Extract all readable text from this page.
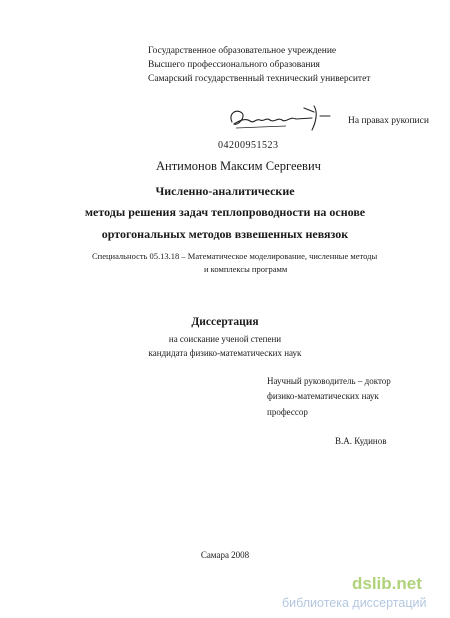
Государственное образовательное учреждение
Высшего профессионального образования
Самарский государственный технический университет
На правах рукописи
04200951523
Антимонов Максим Сергеевич
Численно-аналитические
методы решения задач теплопроводности на основе
ортогональных методов взвешенных невязок
Специальность 05.13.18 – Математическое моделирование, численные методы
и комплексы программ
Диссертация
на соискание ученой степени
кандидата физико-математических наук
Научный руководитель – доктор
физико-математических наук
профессор
В.А. Кудинов
Самара 2008
dslib.net
библиотека диссертаций
